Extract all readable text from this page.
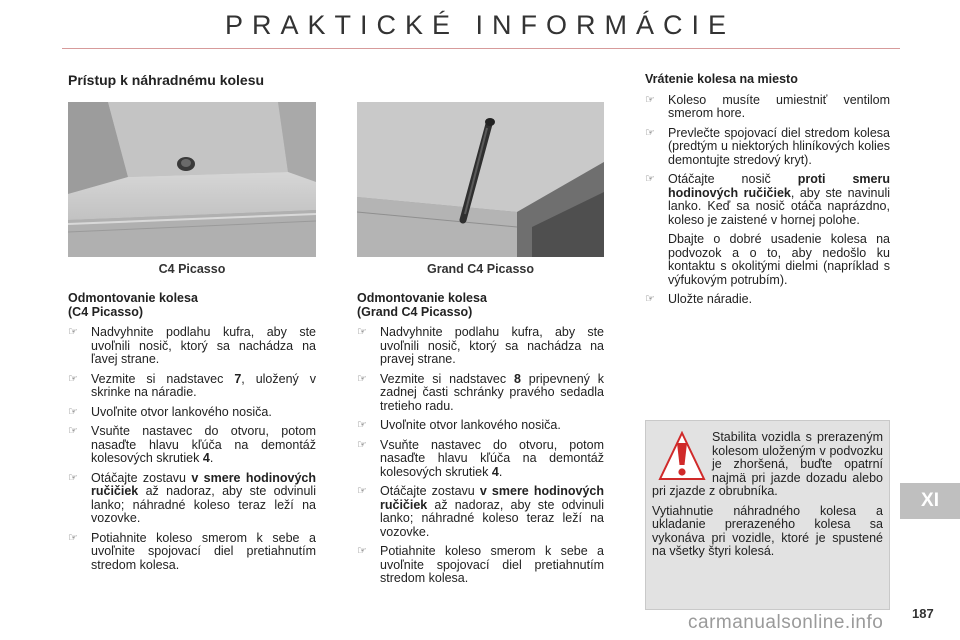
PRAKTICKÉ INFORMÁCIE
Prístup k náhradnému kolesu
C4 Picasso	Grand C4 Picasso
Odmontovanie kolesa
(C4 Picasso)
☞ Nadvyhnite podlahu kufra, aby ste uvoľnili nosič, ktorý sa nachádza na ľavej strane.
☞ Vezmite si nadstavec 7, uložený v skrinke na náradie.
☞ Uvoľnite otvor lankového nosiča.
☞ Vsuňte nastavec do otvoru, potom nasaďte hlavu kľúča na demontáž kolesových skrutiek 4.
☞ Otáčajte zostavu v smere hodinových ručičiek až nadoraz, aby ste odvinuli lanko; náhradné koleso teraz leží na vozovke.
☞ Potiahnite koleso smerom k sebe a uvoľnite spojovací diel pretiahnutím stredom kolesa.
Odmontovanie kolesa
(Grand C4 Picasso)
☞ Nadvyhnite podlahu kufra, aby ste uvoľnili nosič, ktorý sa nachádza na pravej strane.
☞ Vezmite si nadstavec 8 pripevnený k zadnej časti schránky pravého sedadla tretieho radu.
☞ Uvoľnite otvor lankového nosiča.
☞ Vsuňte nastavec do otvoru, potom nasaďte hlavu kľúča na demontáž kolesových skrutiek 4.
☞ Otáčajte zostavu v smere hodinových ručičiek až nadoraz, aby ste odvinuli lanko; náhradné koleso teraz leží na vozovke.
☞ Potiahnite koleso smerom k sebe a uvoľnite spojovací diel pretiahnutím stredom kolesa.
Vrátenie kolesa na miesto
☞ Koleso musíte umiestniť ventilom smerom hore.
☞ Prevlečte spojovací diel stredom kolesa (predtým u niektorých hliníkových kolies demontujte stredový kryt).
☞ Otáčajte nosič proti smeru hodinových ručičiek, aby ste navinuli lanko. Keď sa nosič otáča naprázdno, koleso je zaistené v hornej polohe.
Dbajte o dobré usadenie kolesa na podvozok a o to, aby nedošlo ku kontaktu s okolitými dielmi (napríklad s výfukovým potrubím).
☞ Uložte náradie.

Stabilita vozidla s prerazeným kolesom uloženým v podvozku je zhoršená, buďte opatrní najmä pri jazde dozadu alebo pri zjazde z obrubníka.

Vytiahnutie náhradného kolesa a ukladanie prerazeného kolesa sa vykonáva pri vozidle, ktoré je spustené na všetky štyri kolesá.

XI
187
carmanualsonline.info
